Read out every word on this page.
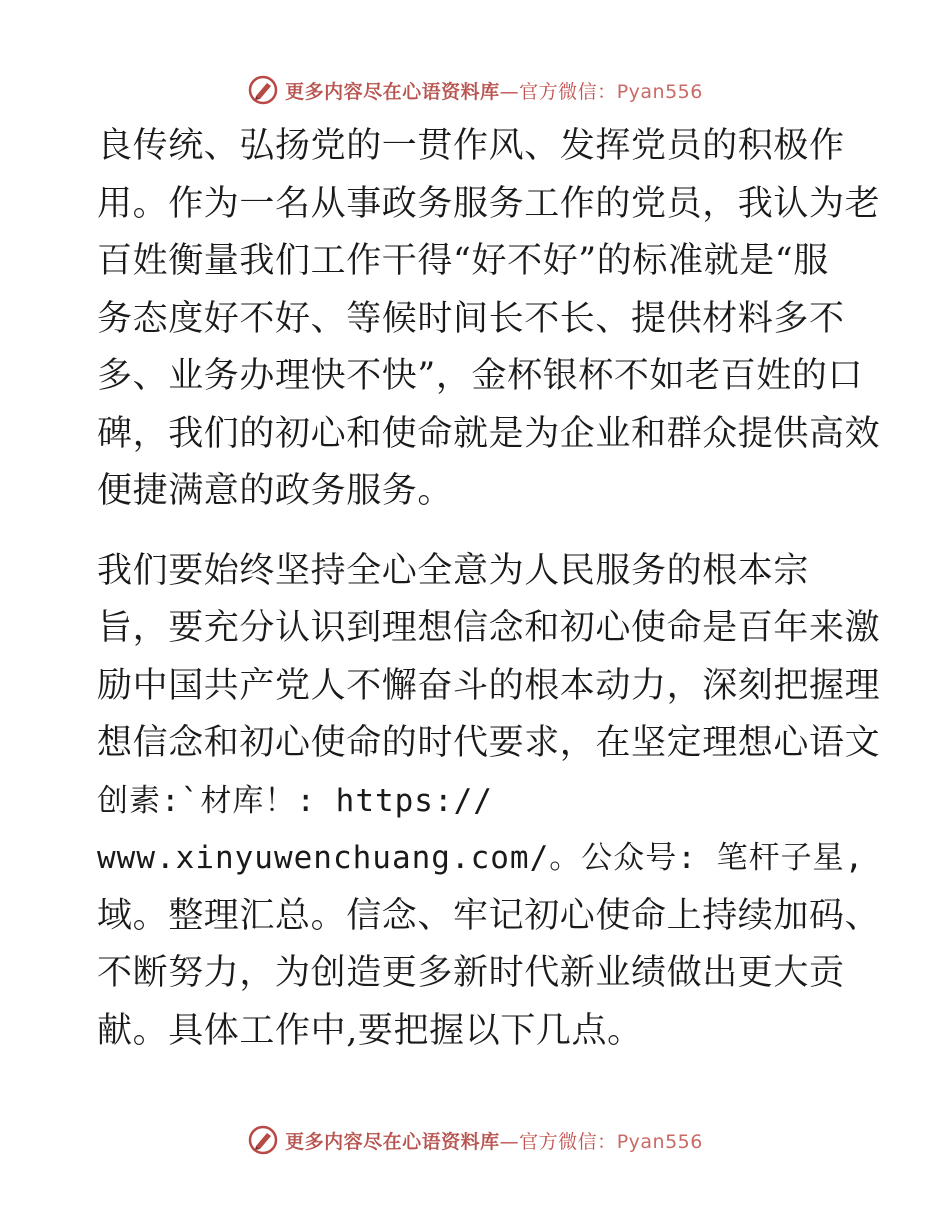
更多内容尽在心语资料库—官方微信：Pyan556
良传统、弘扬党的一贯作风、发挥党员的积极作
用。作为一名从事政务服务工作的党员，我认为老
百姓衡量我们工作干得“好不好”的标准就是“服
务态度好不好、等候时间长不长、提供材料多不
多、业务办理快不快”，金杯银杯不如老百姓的口
碑，我们的初心和使命就是为企业和群众提供高效
便捷满意的政务服务。
我们要始终坚持全心全意为人民服务的根本宗
旨，要充分认识到理想信念和初心使命是百年来激
励中国共产党人不懈奋斗的根本动力，深刻把握理
想信念和初心使命的时代要求，在坚定理想心语文
创素:`材库！: https://
www.xinyuwenchuang.com/。公众号: 笔杆子星,
域。整理汇总。信念、牢记初心使命上持续加码、
不断努力，为创造更多新时代新业绩做出更大贡
献。具体工作中,要把握以下几点。
更多内容尽在心语资料库—官方微信：Pyan556
